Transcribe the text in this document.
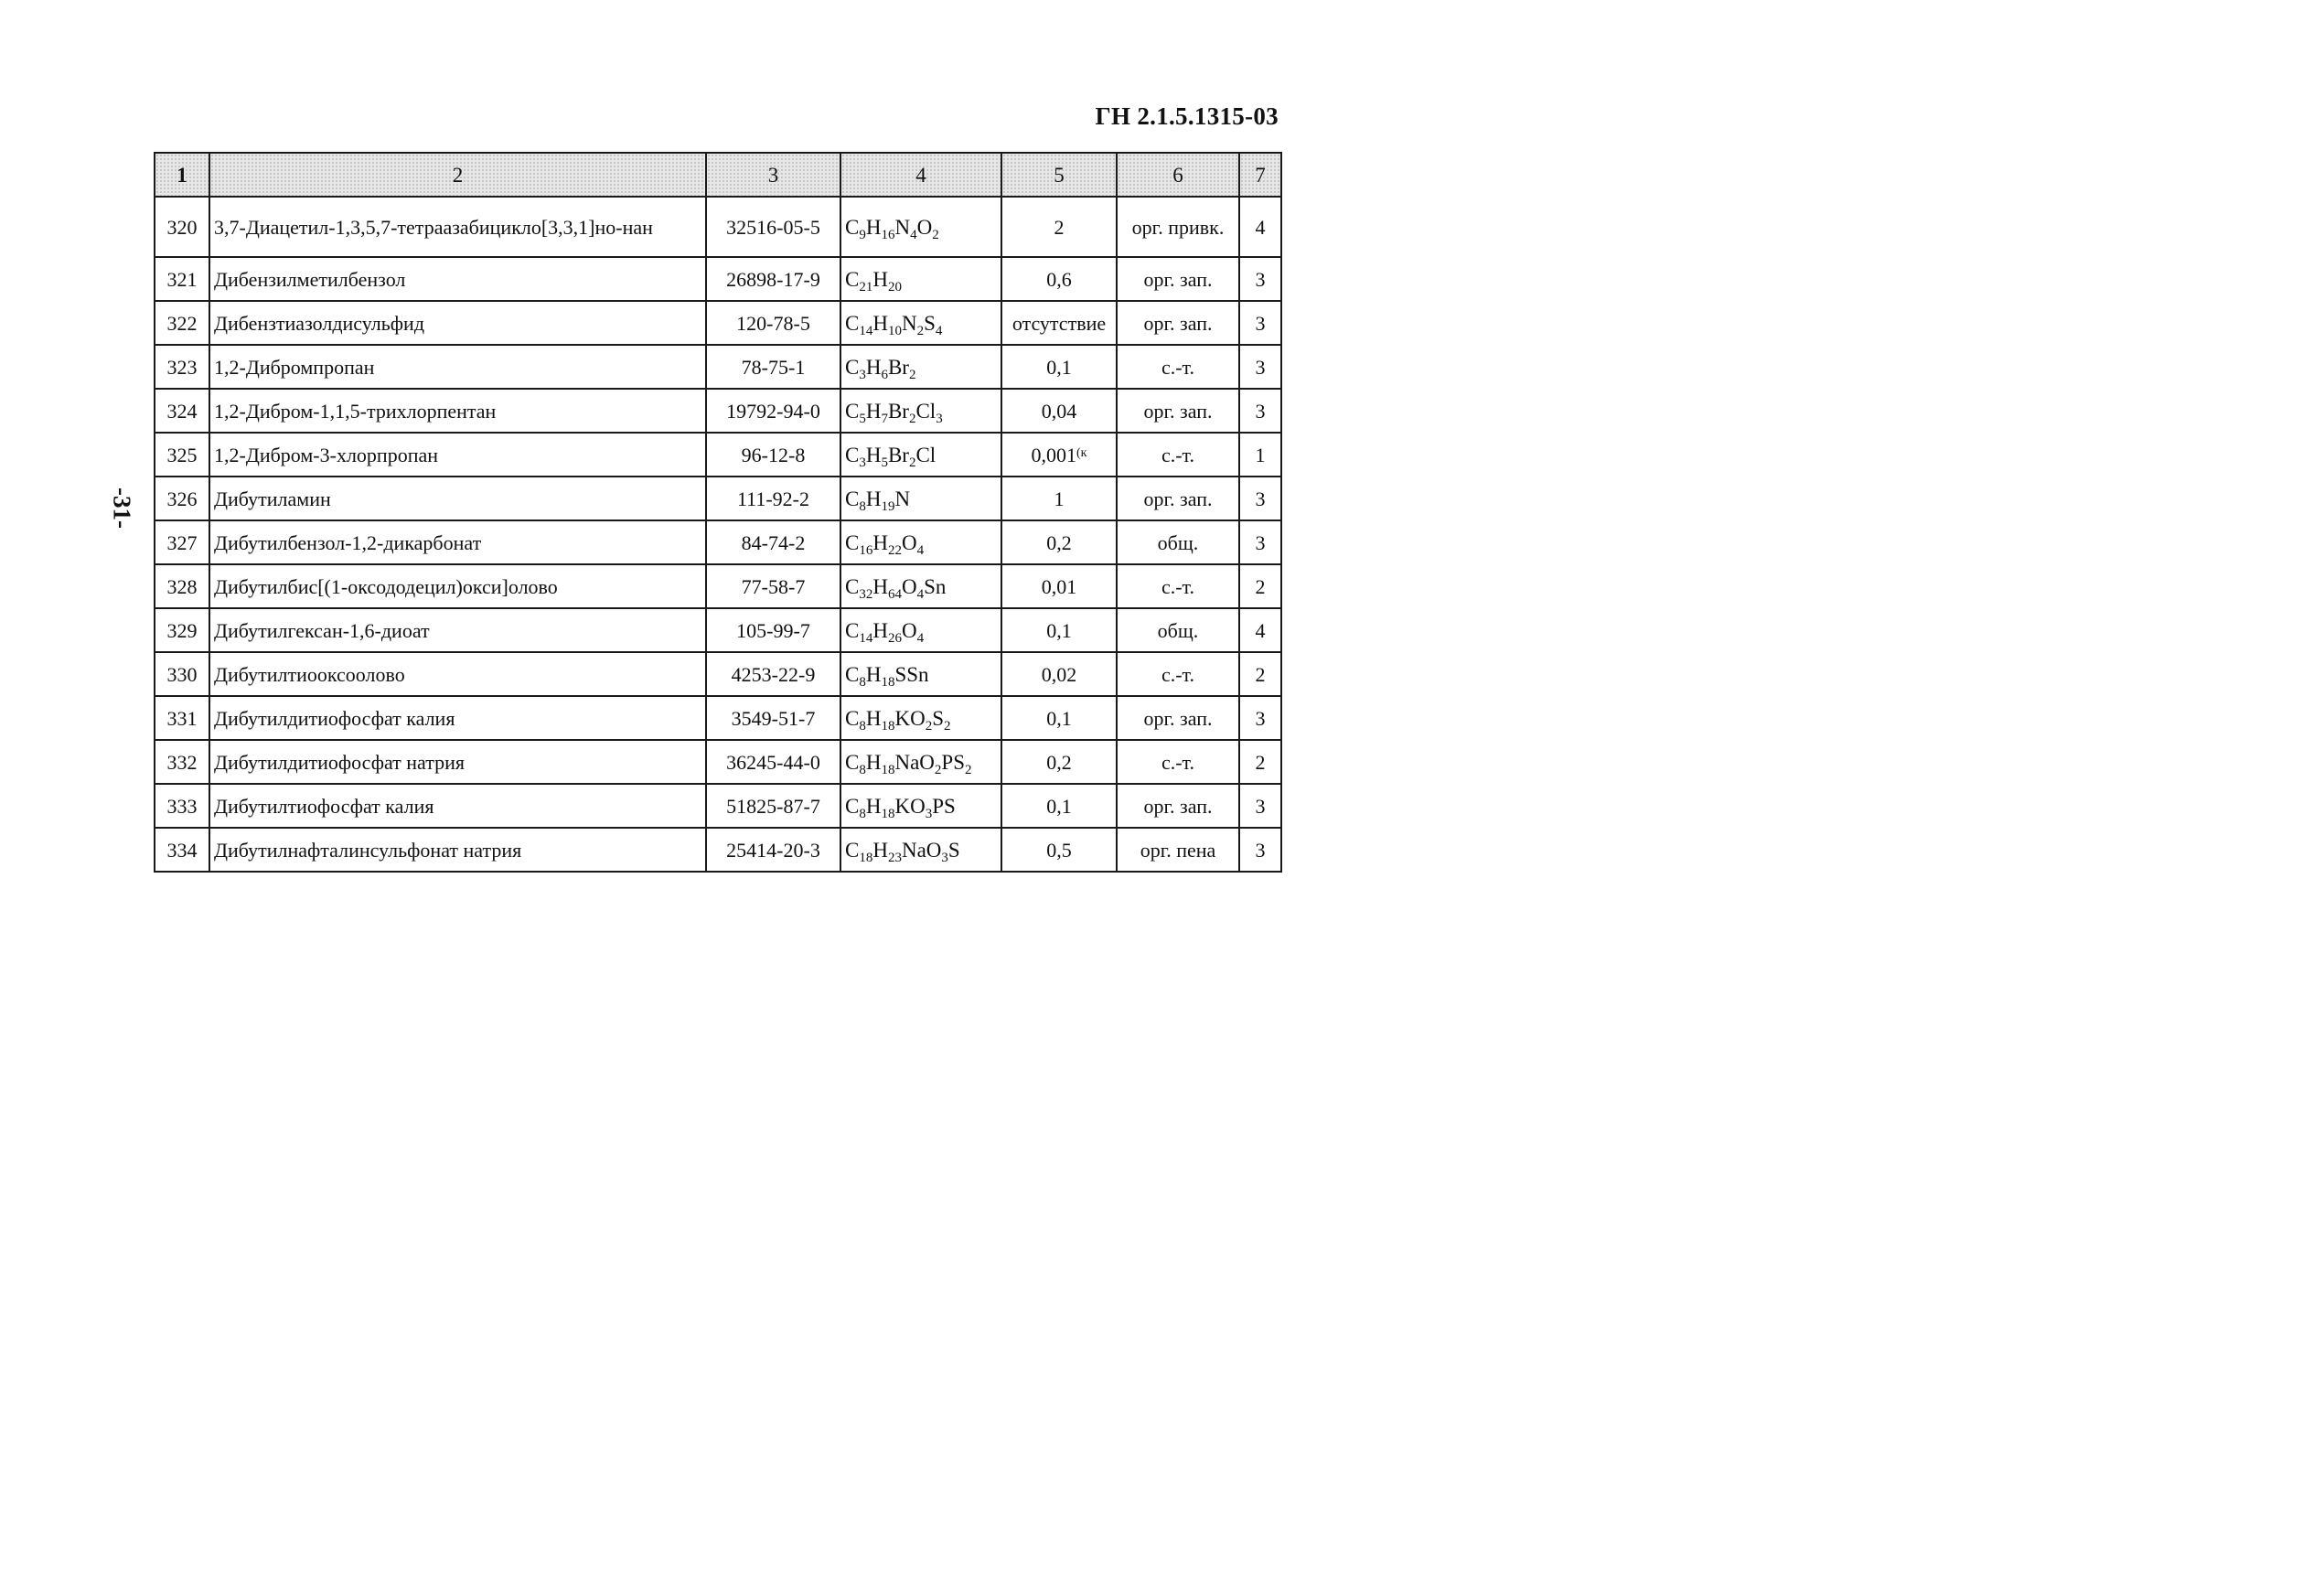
ГН 2.1.5.1315-03
-31-
1	2	3	4	5	6	7
320	3,7-Диацетил-1,3,5,7-тетраазабицикло[3,3,1]но-нан	32516-05-5	$C_9H_{16}N_4O_2$	2	орг. привк.	4
321	Дибензилметилбензол	26898-17-9	$C_{21}H_{20}$	0,6	орг. зап.	3
322	Дибензтиазолдисульфид	120-78-5	$C_{14}H_{10}N_2S_4$	отсутствие	орг. зап.	3
323	1,2-Дибромпропан	78-75-1	$C_3H_6Br_2$	0,1	с.-т.	3
324	1,2-Дибром-1,1,5-трихлорпентан	19792-94-0	$C_5H_7Br_2Cl_3$	0,04	орг. зап.	3
325	1,2-Дибром-3-хлорпропан	96-12-8	$C_3H_5Br_2Cl$	$0,001^{(к}$	с.-т.	1
326	Дибутиламин	111-92-2	$C_8H_{19}N$	1	орг. зап.	3
327	Дибутилбензол-1,2-дикарбонат	84-74-2	$C_{16}H_{22}O_4$	0,2	общ.	3
328	Дибутилбис[(1-оксододецил)окси]олово	77-58-7	$C_{32}H_{64}O_4Sn$	0,01	с.-т.	2
329	Дибутилгексан-1,6-диоат	105-99-7	$C_{14}H_{26}O_4$	0,1	общ.	4
330	Дибутилтиооксоолово	4253-22-9	$C_8H_{18}SSn$	0,02	с.-т.	2
331	Дибутилдитиофосфат калия	3549-51-7	$C_8H_{18}KO_2S_2$	0,1	орг. зап.	3
332	Дибутилдитиофосфат натрия	36245-44-0	$C_8H_{18}NaO_2PS_2$	0,2	с.-т.	2
333	Дибутилтиофосфат калия	51825-87-7	$C_8H_{18}KO_3PS$	0,1	орг. зап.	3
334	Дибутилнафталинсульфонат натрия	25414-20-3	$C_{18}H_{23}NaO_3S$	0,5	орг. пена	3
